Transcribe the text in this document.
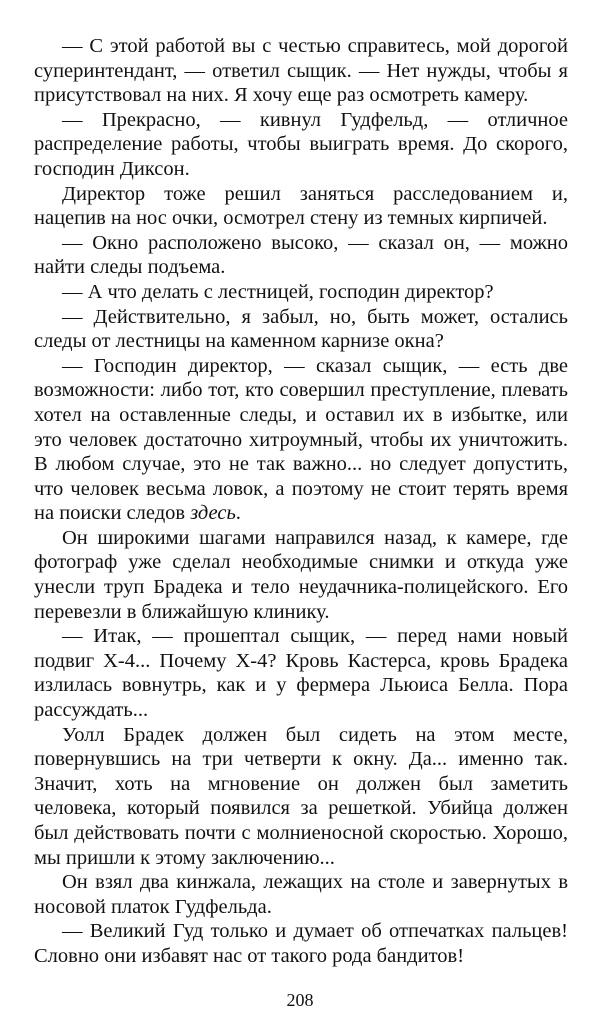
— С этой работой вы с честью справитесь, мой дорогой суперинтендант, — ответил сыщик. — Нет нужды, чтобы я присутствовал на них. Я хочу еще раз осмотреть камеру.

— Прекрасно, — кивнул Гудфельд, — отличное распределение работы, чтобы выиграть время. До скорого, господин Диксон.

Директор тоже решил заняться расследованием и, нацепив на нос очки, осмотрел стену из темных кирпичей.

— Окно расположено высоко, — сказал он, — можно найти следы подъема.

— А что делать с лестницей, господин директор?

— Действительно, я забыл, но, быть может, остались следы от лестницы на каменном карнизе окна?

— Господин директор, — сказал сыщик, — есть две возможности: либо тот, кто совершил преступление, плевать хотел на оставленные следы, и оставил их в избытке, или это человек достаточно хитроумный, чтобы их уничтожить. В любом случае, это не так важно... но следует допустить, что человек весьма ловок, а поэтому не стоит терять время на поиски следов здесь.

Он широкими шагами направился назад, к камере, где фотограф уже сделал необходимые снимки и откуда уже унесли труп Брадека и тело неудачника-полицейского. Его перевезли в ближайшую клинику.

— Итак, — прошептал сыщик, — перед нами новый подвиг Х-4... Почему Х-4? Кровь Кастерса, кровь Брадека излилась вовнутрь, как и у фермера Льюиса Белла. Пора рассуждать...

Уолл Брадек должен был сидеть на этом месте, повернувшись на три четверти к окну. Да... именно так. Значит, хоть на мгновение он должен был заметить человека, который появился за решеткой. Убийца должен был действовать почти с молниеносной скоростью. Хорошо, мы пришли к этому заключению...

Он взял два кинжала, лежащих на столе и завернутых в носовой платок Гудфельда.

— Великий Гуд только и думает об отпечатках пальцев! Словно они избавят нас от такого рода бандитов!

208
